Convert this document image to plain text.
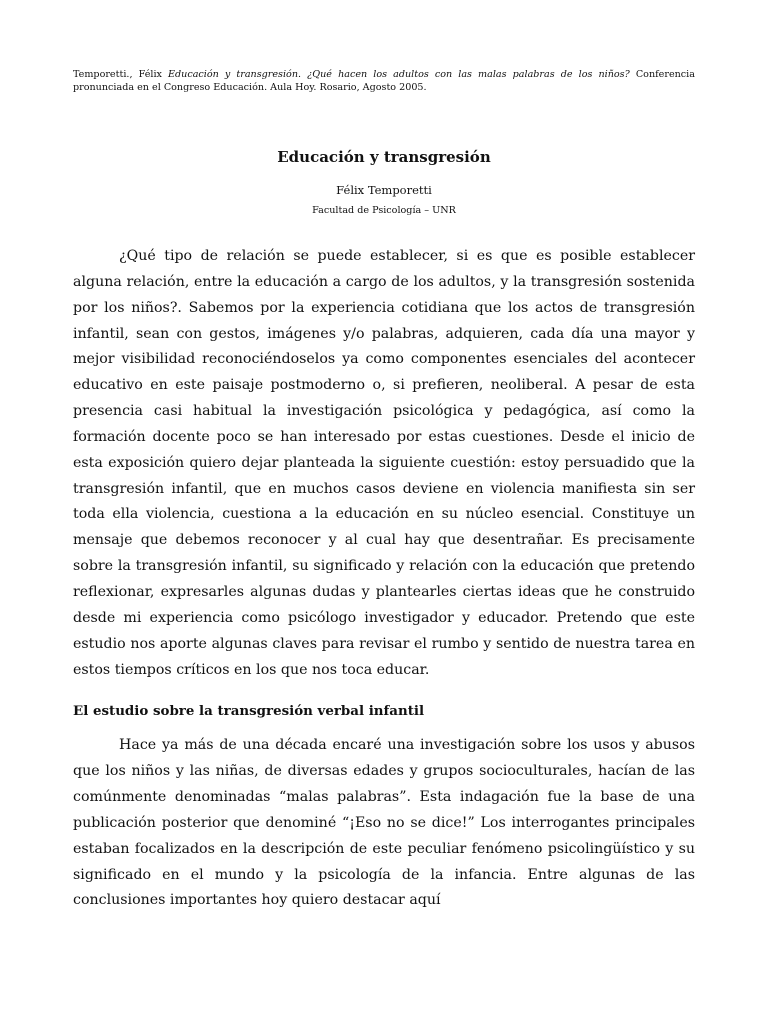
Temporetti., Félix Educación y transgresión. ¿Qué hacen los adultos con las malas palabras de los niños? Conferencia pronunciada en el Congreso Educación. Aula Hoy. Rosario, Agosto 2005.

Educación y transgresión
Félix Temporetti
Facultad de Psicología – UNR

¿Qué tipo de relación se puede establecer, si es que es posible establecer alguna relación, entre la educación a cargo de los adultos, y la transgresión sostenida por los niños?. Sabemos por la experiencia cotidiana que los actos de transgresión infantil, sean con gestos, imágenes y/o palabras, adquieren, cada día una mayor y mejor visibilidad reconociéndoselos ya como componentes esenciales del acontecer educativo en este paisaje postmoderno o, si prefieren, neoliberal. A pesar de esta presencia casi habitual la investigación psicológica y pedagógica, así como la formación docente poco se han interesado por estas cuestiones. Desde el inicio de esta exposición quiero dejar planteada la siguiente cuestión: estoy persuadido que la transgresión infantil, que en muchos casos deviene en violencia manifiesta sin ser toda ella violencia, cuestiona a la educación en su núcleo esencial. Constituye un mensaje que debemos reconocer y al cual hay que desentrañar. Es precisamente sobre la transgresión infantil, su significado y relación con la educación que pretendo reflexionar, expresarles algunas dudas y plantearles ciertas ideas que he construido desde mi experiencia como psicólogo investigador y educador. Pretendo que este estudio nos aporte algunas claves para revisar el rumbo y sentido de nuestra tarea en estos tiempos críticos en los que nos toca educar.

El estudio sobre la transgresión verbal infantil

Hace ya más de una década encaré una investigación sobre los usos y abusos que los niños y las niñas, de diversas edades y grupos socioculturales, hacían de las comúnmente denominadas “malas palabras”. Esta indagación fue la base de una publicación posterior que denominé “¡Eso no se dice!” Los interrogantes principales estaban focalizados en la descripción de este peculiar fenómeno psicolingüístico y su significado en el mundo y la psicología de la infancia. Entre algunas de las conclusiones importantes hoy quiero destacar aquí
